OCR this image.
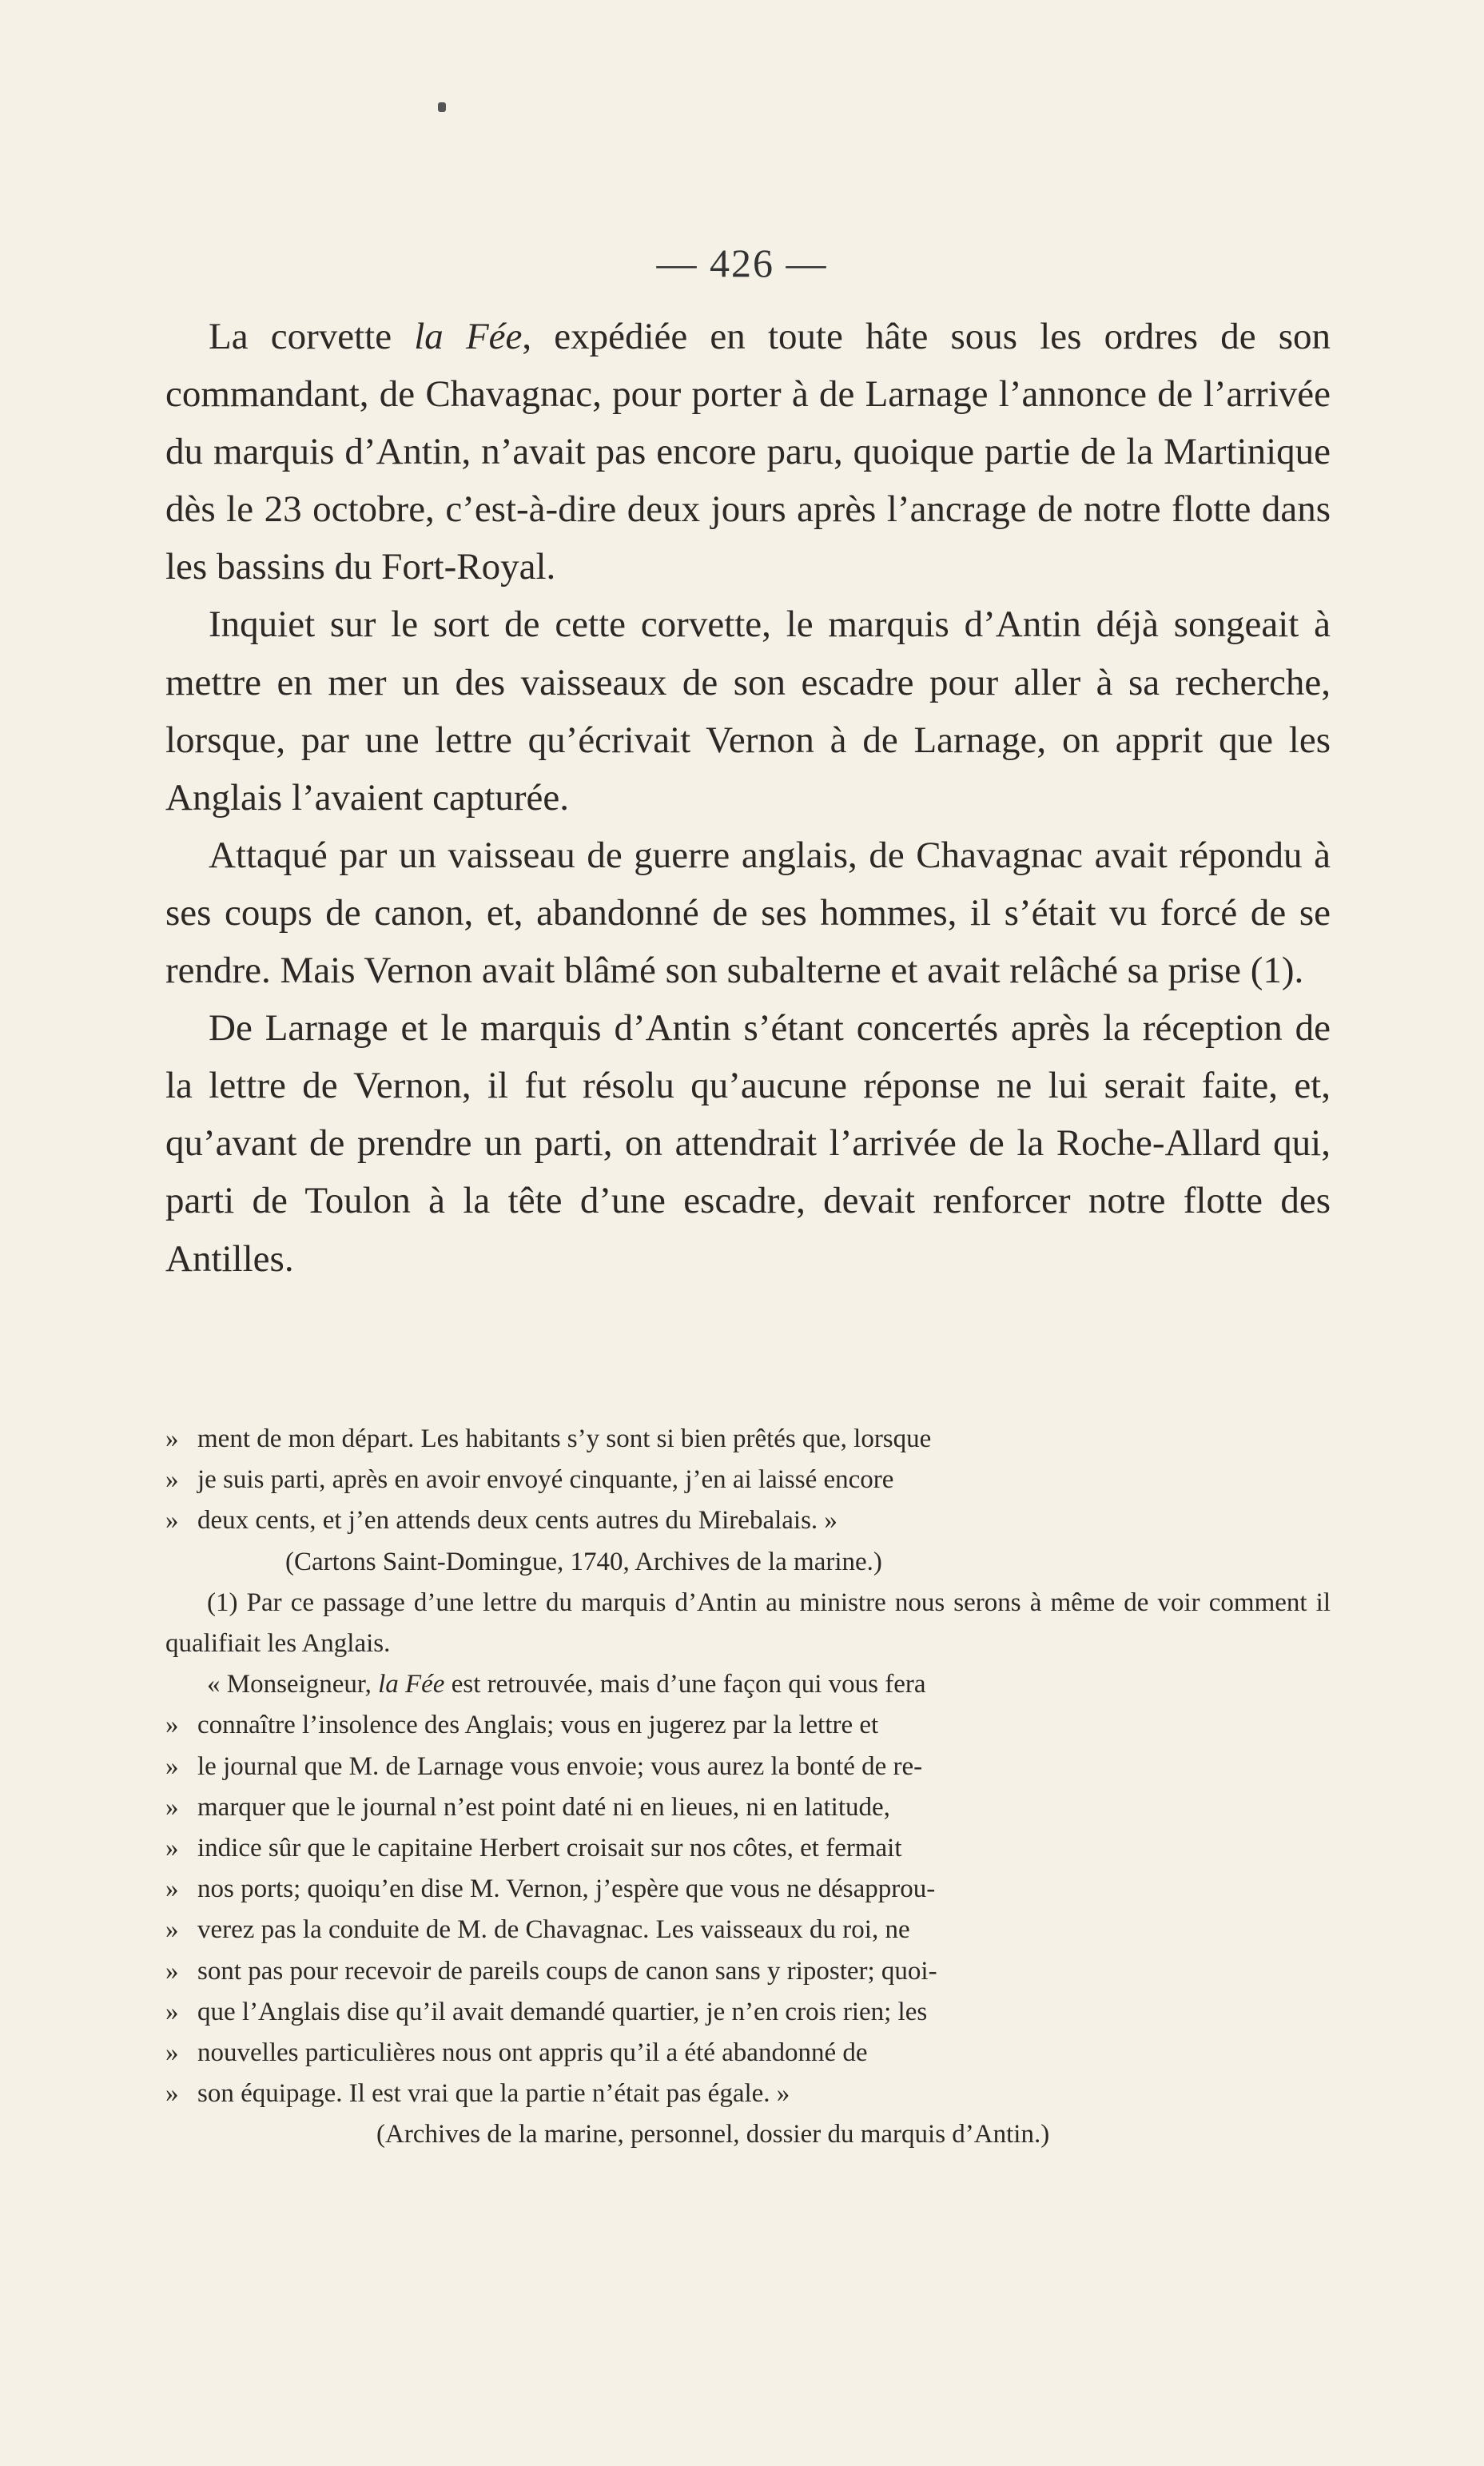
— 426 —

La corvette la Fée, expédiée en toute hâte sous les ordres de son commandant, de Chavagnac, pour porter à de Larnage l’annonce de l’arrivée du marquis d’Antin, n’avait pas encore paru, quoique partie de la Martinique dès le 23 octobre, c’est-à-dire deux jours après l’ancrage de notre flotte dans les bassins du Fort-Royal.

Inquiet sur le sort de cette corvette, le marquis d’Antin déjà songeait à mettre en mer un des vaisseaux de son escadre pour aller à sa recherche, lorsque, par une lettre qu’écrivait Vernon à de Larnage, on apprit que les Anglais l’avaient capturée.

Attaqué par un vaisseau de guerre anglais, de Chavagnac avait répondu à ses coups de canon, et, abandonné de ses hommes, il s’était vu forcé de se rendre. Mais Vernon avait blâmé son subalterne et avait relâché sa prise (1).

De Larnage et le marquis d’Antin s’étant concertés après la réception de la lettre de Vernon, il fut résolu qu’aucune réponse ne lui serait faite, et, qu’avant de prendre un parti, on attendrait l’arrivée de la Roche-Allard qui, parti de Toulon à la tête d’une escadre, devait renforcer notre flotte des Antilles.

» ment de mon départ. Les habitants s’y sont si bien prêtés que, lorsque
» je suis parti, après en avoir envoyé cinquante, j’en ai laissé encore
» deux cents, et j’en attends deux cents autres du Mirebalais. »

(Cartons Saint-Domingue, 1740, Archives de la marine.)

(1) Par ce passage d’une lettre du marquis d’Antin au ministre nous serons à même de voir comment il qualifiait les Anglais.

« Monseigneur, la Fée est retrouvée, mais d’une façon qui vous fera

» connaître l’insolence des Anglais; vous en jugerez par la lettre et
» le journal que M. de Larnage vous envoie; vous aurez la bonté de re-
» marquer que le journal n’est point daté ni en lieues, ni en latitude,
» indice sûr que le capitaine Herbert croisait sur nos côtes, et fermait
» nos ports; quoiqu’en dise M. Vernon, j’espère que vous ne désapprou-
» verez pas la conduite de M. de Chavagnac. Les vaisseaux du roi, ne
» sont pas pour recevoir de pareils coups de canon sans y riposter; quoi-
» que l’Anglais dise qu’il avait demandé quartier, je n’en crois rien; les
» nouvelles particulières nous ont appris qu’il a été abandonné de
» son équipage. Il est vrai que la partie n’était pas égale. »

(Archives de la marine, personnel, dossier du marquis d’Antin.)
